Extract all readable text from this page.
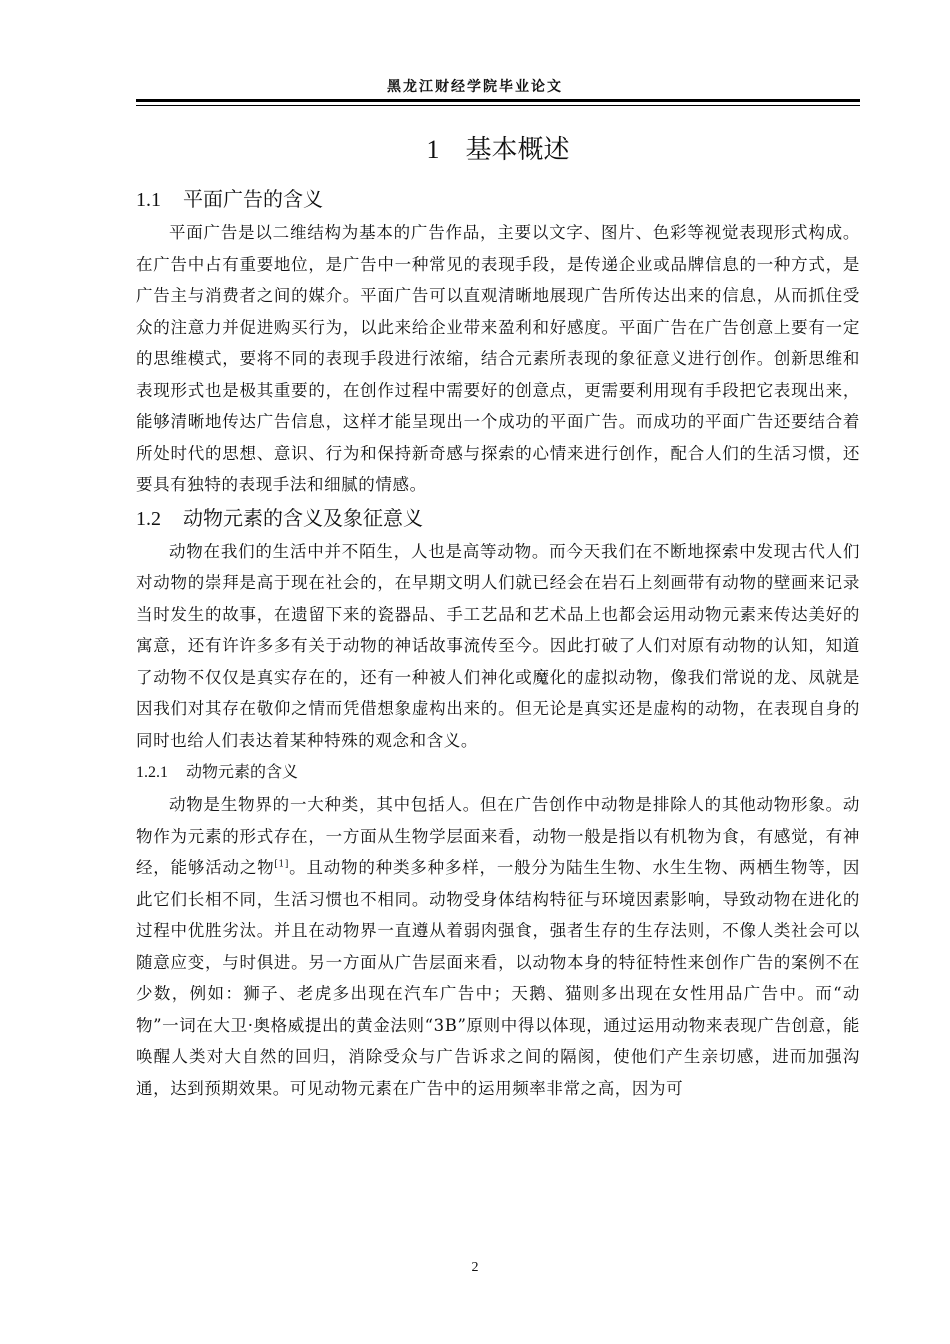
黑龙江财经学院毕业论文
1 基本概述
1.1 平面广告的含义

平面广告是以二维结构为基本的广告作品，主要以文字、图片、色彩等视觉表现形式构成。在广告中占有重要地位，是广告中一种常见的表现手段，是传递企业或品牌信息的一种方式，是广告主与消费者之间的媒介。平面广告可以直观清晰地展现广告所传达出来的信息，从而抓住受众的注意力并促进购买行为，以此来给企业带来盈利和好感度。平面广告在广告创意上要有一定的思维模式，要将不同的表现手段进行浓缩，结合元素所表现的象征意义进行创作。创新思维和表现形式也是极其重要的，在创作过程中需要好的创意点，更需要利用现有手段把它表现出来，能够清晰地传达广告信息，这样才能呈现出一个成功的平面广告。而成功的平面广告还要结合着所处时代的思想、意识、行为和保持新奇感与探索的心情来进行创作，配合人们的生活习惯，还要具有独特的表现手法和细腻的情感。

1.2 动物元素的含义及象征意义

动物在我们的生活中并不陌生，人也是高等动物。而今天我们在不断地探索中发现古代人们对动物的崇拜是高于现在社会的，在早期文明人们就已经会在岩石上刻画带有动物的壁画来记录当时发生的故事，在遗留下来的瓷器品、手工艺品和艺术品上也都会运用动物元素来传达美好的寓意，还有许许多多有关于动物的神话故事流传至今。因此打破了人们对原有动物的认知，知道了动物不仅仅是真实存在的，还有一种被人们神化或魔化的虚拟动物，像我们常说的龙、凤就是因我们对其存在敬仰之情而凭借想象虚构出来的。但无论是真实还是虚构的动物，在表现自身的同时也给人们表达着某种特殊的观念和含义。

1.2.1 动物元素的含义

动物是生物界的一大种类，其中包括人。但在广告创作中动物是排除人的其他动物形象。动物作为元素的形式存在，一方面从生物学层面来看，动物一般是指以有机物为食，有感觉，有神经，能够活动之物[1]。且动物的种类多种多样，一般分为陆生生物、水生生物、两栖生物等，因此它们长相不同，生活习惯也不相同。动物受身体结构特征与环境因素影响，导致动物在进化的过程中优胜劣汰。并且在动物界一直遵从着弱肉强食，强者生存的生存法则，不像人类社会可以随意应变，与时俱进。另一方面从广告层面来看，以动物本身的特征特性来创作广告的案例不在少数，例如：狮子、老虎多出现在汽车广告中；天鹅、猫则多出现在女性用品广告中。而“动物”一词在大卫·奥格威提出的黄金法则“3B”原则中得以体现，通过运用动物来表现广告创意，能唤醒人类对大自然的回归，消除受众与广告诉求之间的隔阂，使他们产生亲切感，进而加强沟通，达到预期效果。可见动物元素在广告中的运用频率非常之高，因为可

2
